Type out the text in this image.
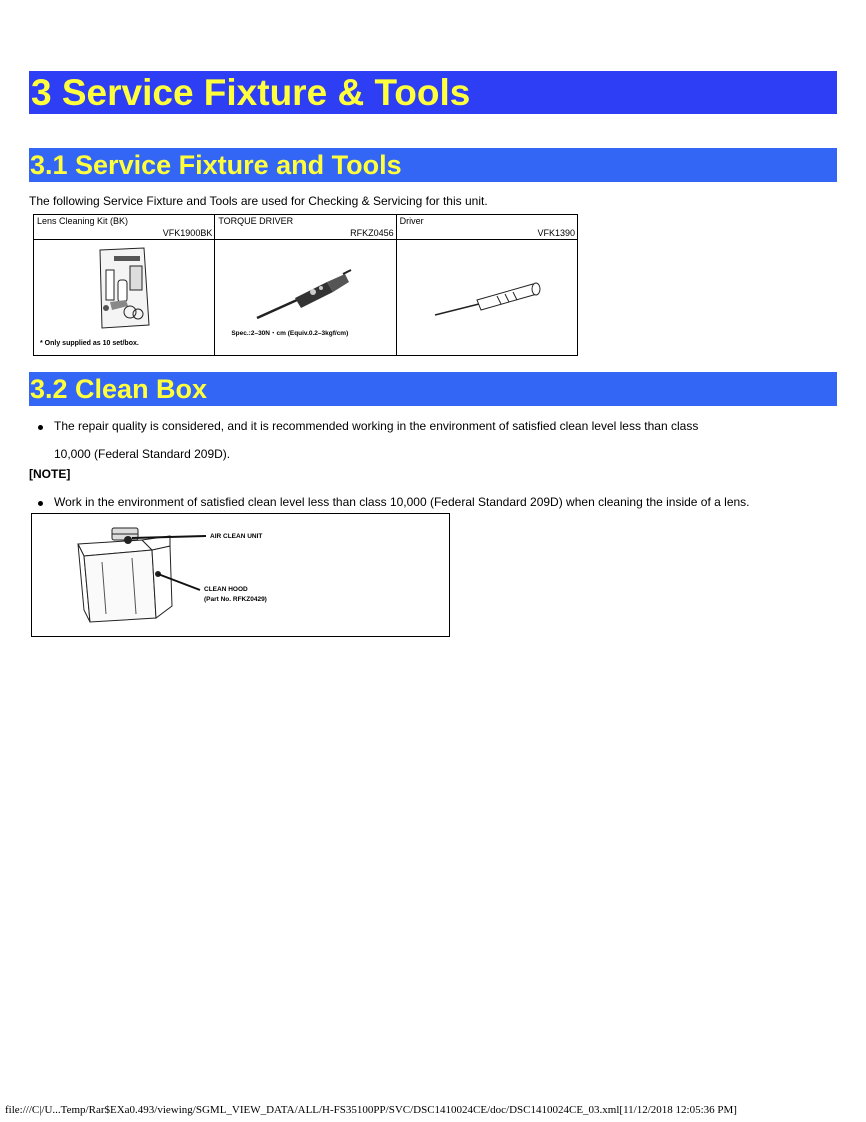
3 Service Fixture & Tools
3.1 Service Fixture and Tools
The following Service Fixture and Tools are used for Checking & Servicing for this unit.
Lens Cleaning Kit (BK)
VFK1900BK
* Only supplied as 10 set/box.
TORQUE DRIVER
RFKZ0456
Spec.:2–30N・cm (Equiv.0.2–3kgf/cm)
Driver
VFK1390
3.2 Clean Box
The repair quality is considered, and it is recommended working in the environment of satisfied clean level less than class
10,000 (Federal Standard 209D).
[NOTE]
Work in the environment of satisfied clean level less than class 10,000 (Federal Standard 209D) when cleaning the inside of a lens.
AIR CLEAN UNIT
CLEAN HOOD
(Part No. RFKZ0429)
file:///C|/U...Temp/Rar$EXa0.493/viewing/SGML_VIEW_DATA/ALL/H-FS35100PP/SVC/DSC1410024CE/doc/DSC1410024CE_03.xml[11/12/2018 12:05:36 PM]
